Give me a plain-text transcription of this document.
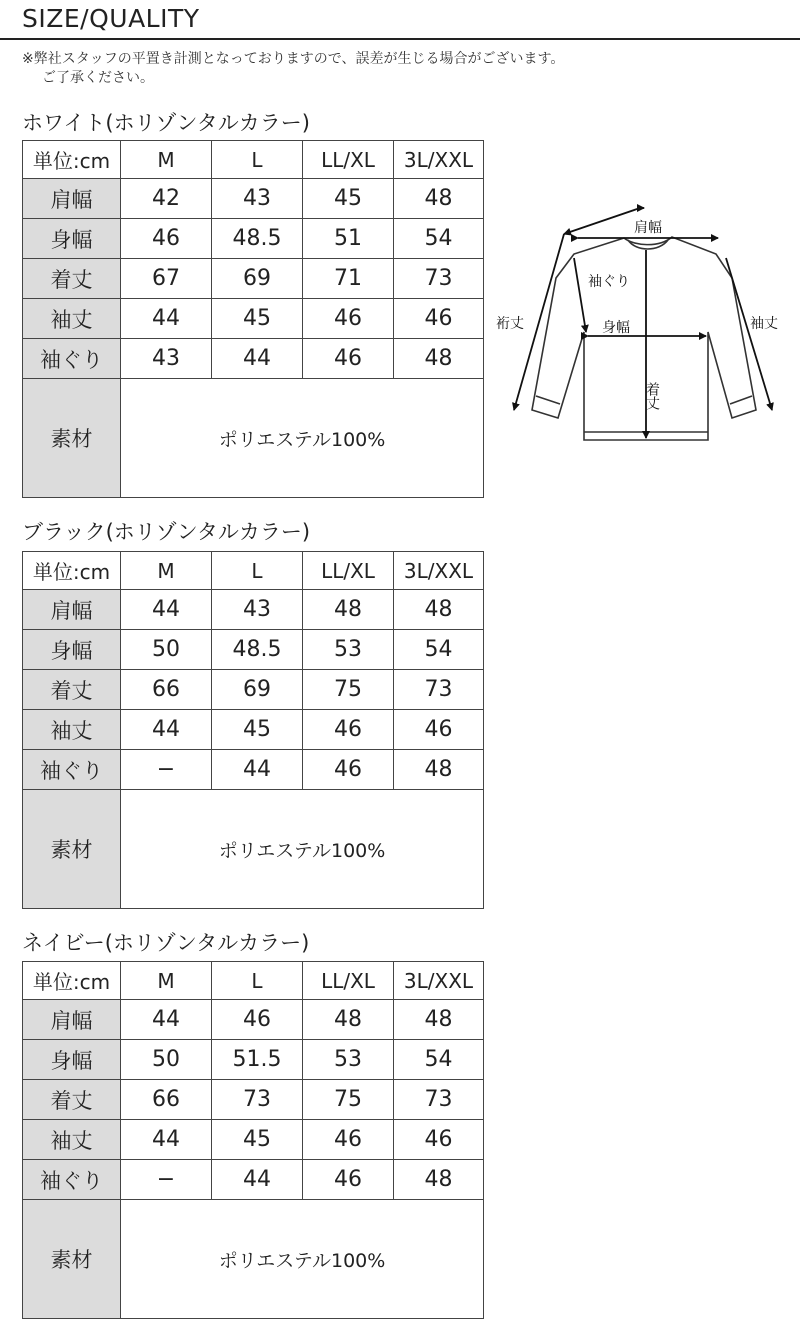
SIZE/QUALITY
※弊社スタッフの平置き計測となっておりますので、誤差が生じる場合がございます。
ご了承ください。
ホワイト(ホリゾンタルカラー)
単位:cm	M	L	LL/XL	3L/XXL
肩幅	42	43	45	48
身幅	46	48.5	51	54
着丈	67	69	71	73
袖丈	44	45	46	46
袖ぐり	43	44	46	48
素材	ポリエステル100%			
肩幅
袖ぐり
身幅	袖丈
裄丈
着丈
ブラック(ホリゾンタルカラー)
単位:cm	M	L	LL/XL	3L/XXL
肩幅	44	43	48	48
身幅	50	48.5	53	54
着丈	66	69	75	73
袖丈	44	45	46	46
袖ぐり	−	44	46	48
素材	ポリエステル100%			
ネイビー(ホリゾンタルカラー)
単位:cm	M	L	LL/XL	3L/XXL
肩幅	44	46	48	48
身幅	50	51.5	53	54
着丈	66	73	75	73
袖丈	44	45	46	46
袖ぐり	−	44	46	48
素材	ポリエステル100%			
